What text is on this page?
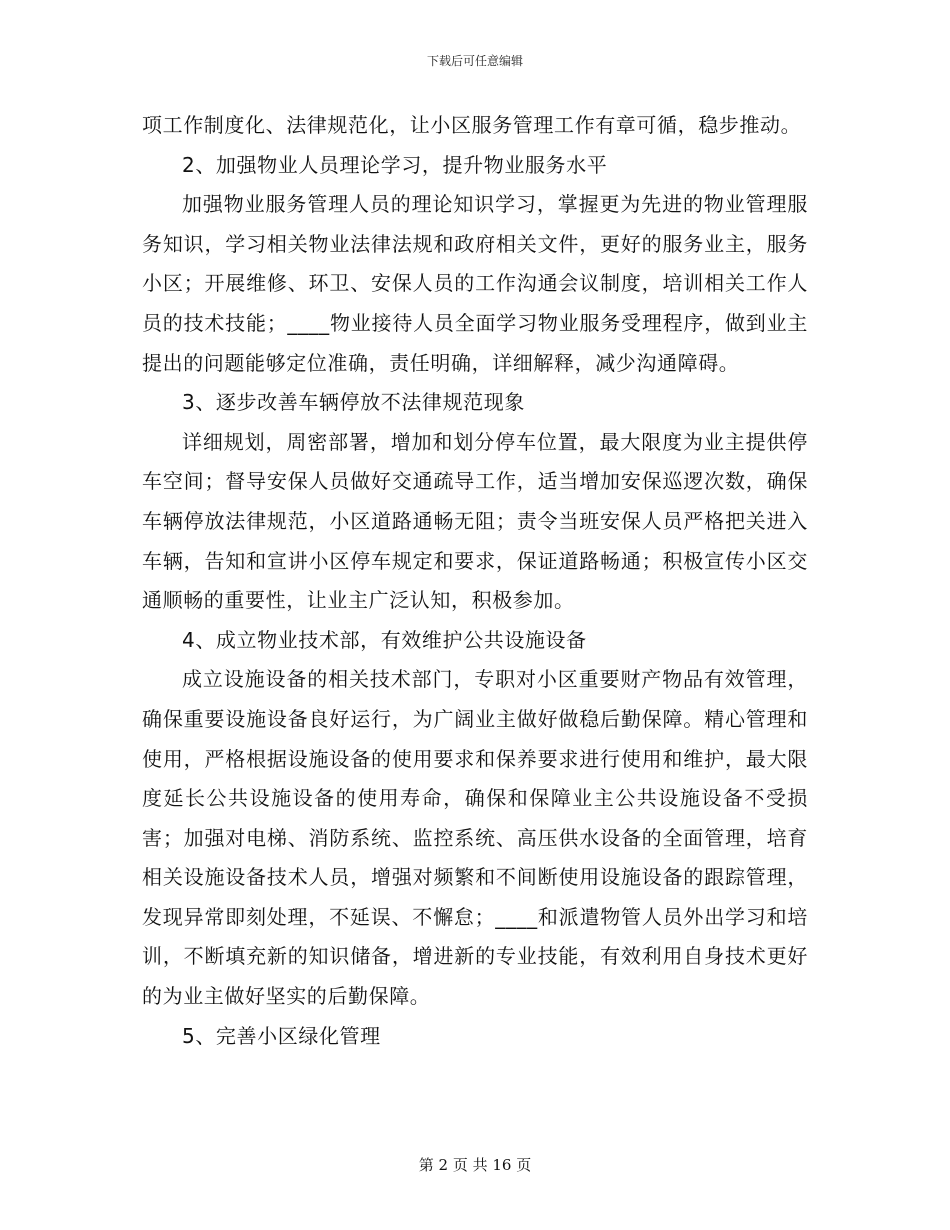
下载后可任意编辑

项工作制度化、法律规范化，让小区服务管理工作有章可循，稳步推动。

2、加强物业人员理论学习，提升物业服务水平

加强物业服务管理人员的理论知识学习，掌握更为先进的物业管理服务知识，学习相关物业法律法规和政府相关文件，更好的服务业主，服务小区；开展维修、环卫、安保人员的工作沟通会议制度，培训相关工作人员的技术技能；____物业接待人员全面学习物业服务受理程序，做到业主提出的问题能够定位准确，责任明确，详细解释，减少沟通障碍。

3、逐步改善车辆停放不法律规范现象

详细规划，周密部署，增加和划分停车位置，最大限度为业主提供停车空间；督导安保人员做好交通疏导工作，适当增加安保巡逻次数，确保车辆停放法律规范，小区道路通畅无阻；责令当班安保人员严格把关进入车辆，告知和宣讲小区停车规定和要求，保证道路畅通；积极宣传小区交通顺畅的重要性，让业主广泛认知，积极参加。

4、成立物业技术部，有效维护公共设施设备

成立设施设备的相关技术部门，专职对小区重要财产物品有效管理，确保重要设施设备良好运行，为广阔业主做好做稳后勤保障。精心管理和使用，严格根据设施设备的使用要求和保养要求进行使用和维护，最大限度延长公共设施设备的使用寿命，确保和保障业主公共设施设备不受损害；加强对电梯、消防系统、监控系统、高压供水设备的全面管理，培育相关设施设备技术人员，增强对频繁和不间断使用设施设备的跟踪管理，发现异常即刻处理，不延误、不懈怠；____和派遣物管人员外出学习和培训，不断填充新的知识储备，增进新的专业技能，有效利用自身技术更好的为业主做好坚实的后勤保障。

5、完善小区绿化管理

第 2 页 共 16 页
